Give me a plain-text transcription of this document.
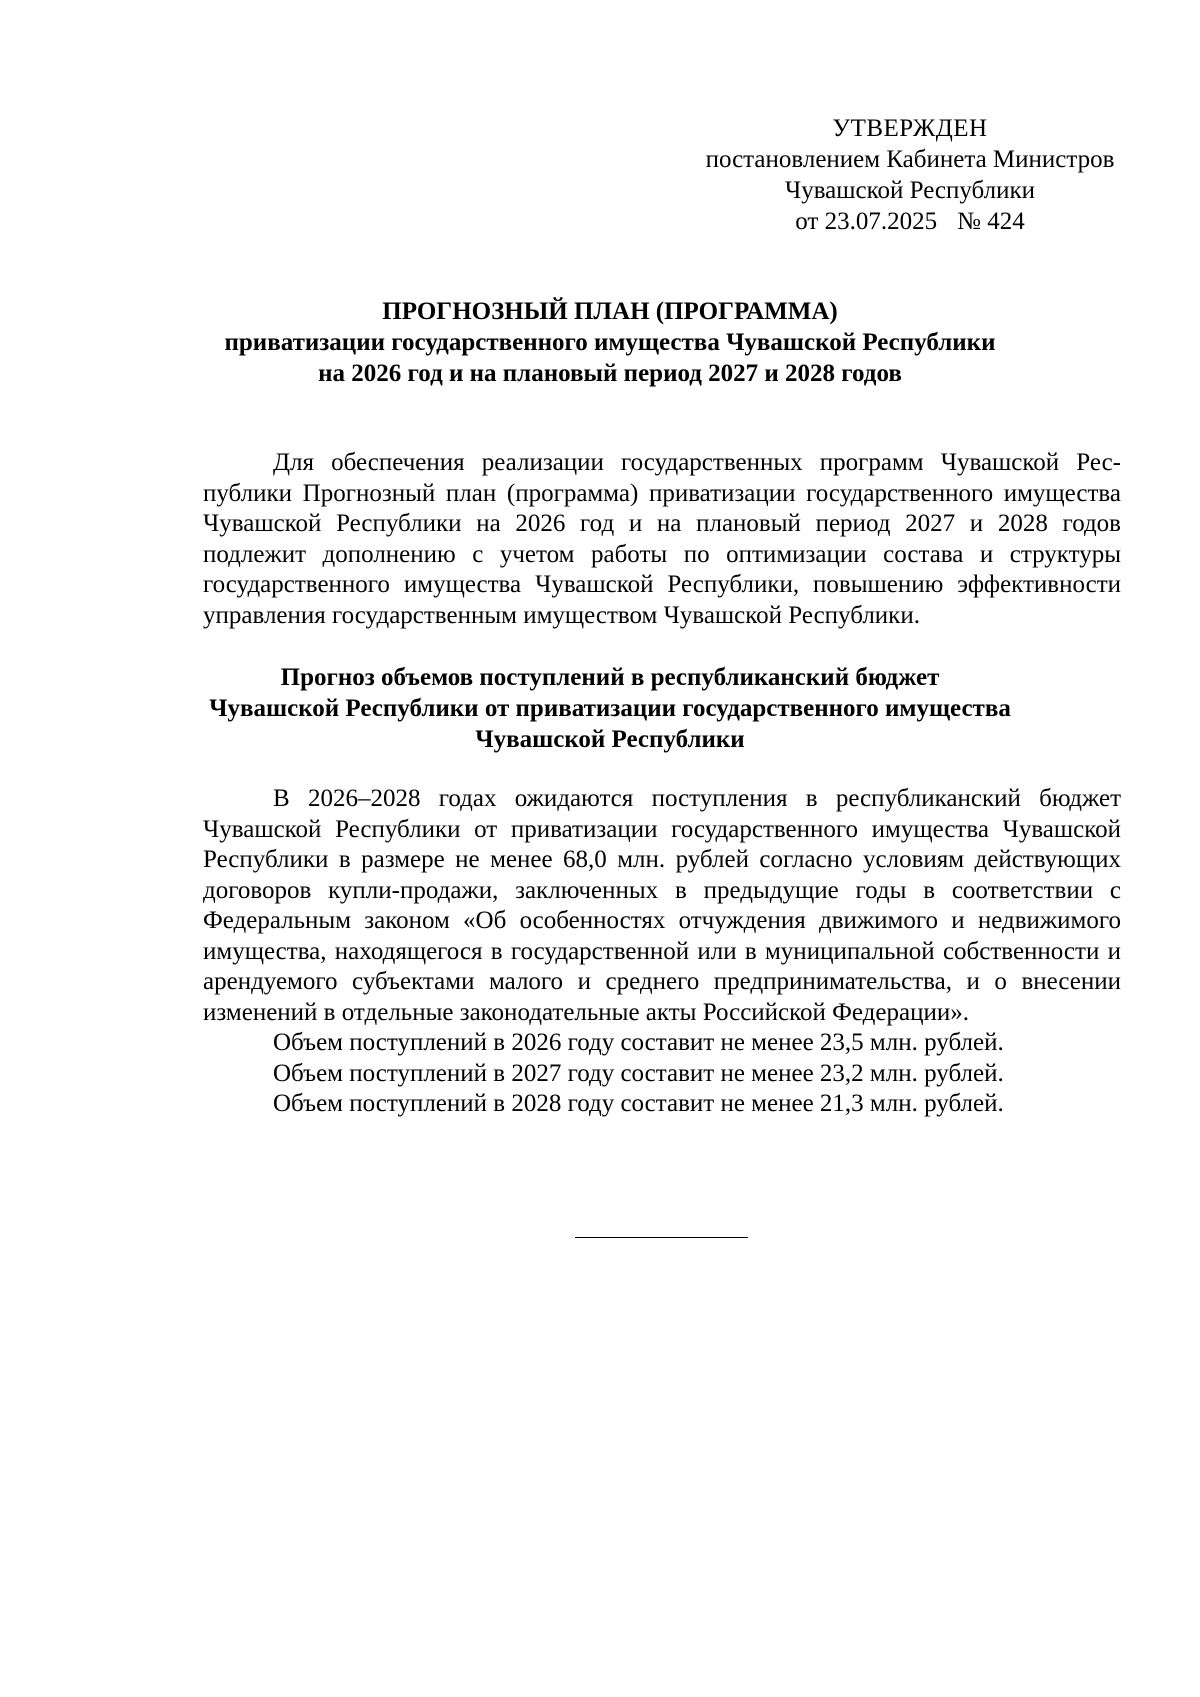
УТВЕРЖДЕН
постановлением Кабинета Министров
Чувашской Республики
от 23.07.2025 № 424
ПРОГНОЗНЫЙ ПЛАН (ПРОГРАММА)
приватизации государственного имущества Чувашской Республики
на 2026 год и на плановый период 2027 и 2028 годов

Для обеспечения реализации государственных программ Чувашской Республики Прогнозный план (программа) приватизации государственного имущества Чувашской Республики на 2026 год и на плановый период 2027 и 2028 годов подлежит дополнению с учетом работы по оптимизации состава и структуры государственного имущества Чувашской Республики, повышению эффективности управления государственным имуществом Чувашской Республики.

Прогноз объемов поступлений в республиканский бюджет
Чувашской Республики от приватизации государственного имущества
Чувашской Республики

В 2026–2028 годах ожидаются поступления в республиканский бюджет Чувашской Республики от приватизации государственного имущества Чувашской Республики в размере не менее 68,0 млн. рублей согласно условиям действующих договоров купли-продажи, заключенных в предыдущие годы в соответствии с Федеральным законом «Об особенностях отчуждения движимого и недвижимого имущества, находящегося в государственной или в муниципальной собственности и арендуемого субъектами малого и среднего предпринимательства, и о внесении изменений в отдельные законодательные акты Российской Федерации».

Объем поступлений в 2026 году составит не менее 23,5 млн. рублей.

Объем поступлений в 2027 году составит не менее 23,2 млн. рублей.

Объем поступлений в 2028 году составит не менее 21,3 млн. рублей.
